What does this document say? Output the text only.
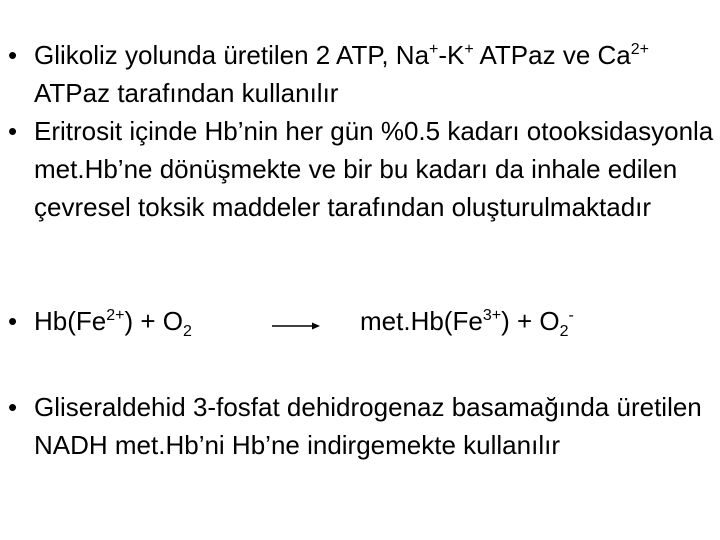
• Glikoliz yolunda üretilen 2 ATP, Na+-K+ ATPaz ve $Ca^{2+}$ ATPaz tarafından kullanılır
• Eritrosit içinde Hb’nin her gün %0.5 kadarı otooksidasyonla met.Hb’ne dönüşmekte ve bir bu kadarı da inhale edilen çevresel toksik maddeler tarafından oluşturulmaktadır
• $Hb(Fe^{2+}) + O_2$	$met.Hb(Fe^{3+}) + O_2^-$
• Gliseraldehid 3-fosfat dehidrogenaz basamağında üretilen NADH met.Hb’ni Hb’ne indirgemekte kullanılır
